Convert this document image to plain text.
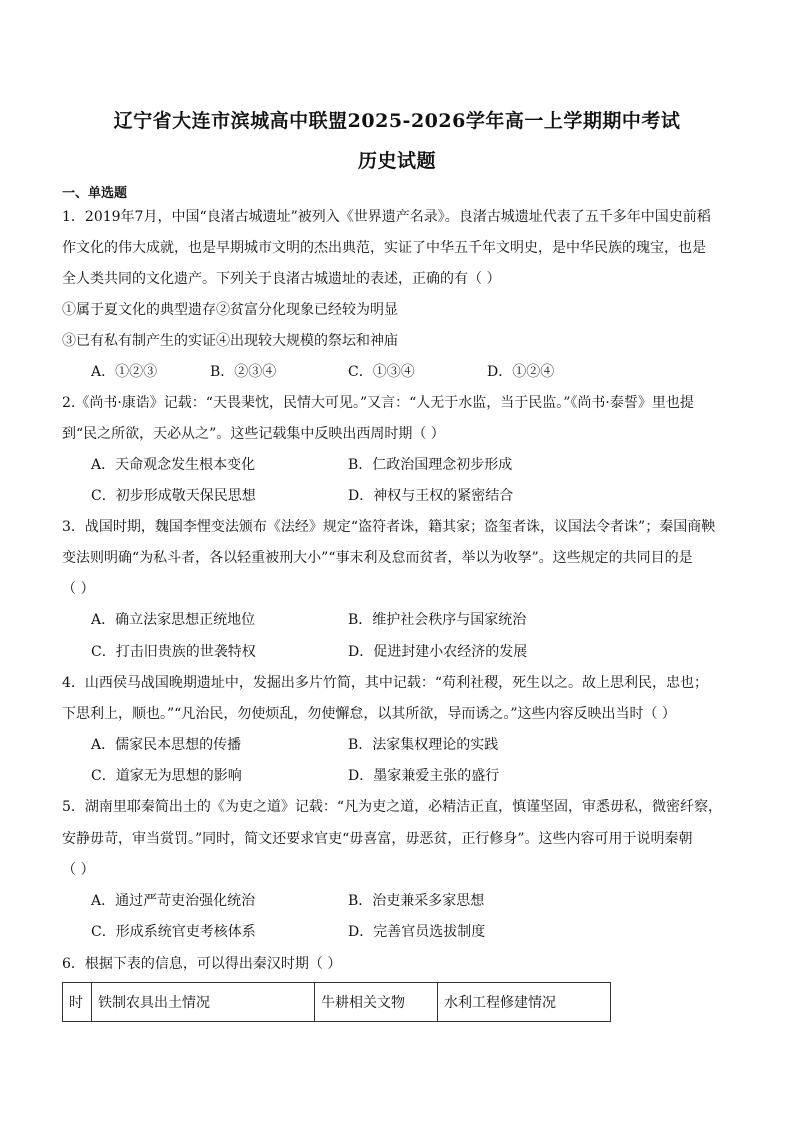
辽宁省大连市滨城高中联盟2025-2026学年高一上学期期中考试
历史试题
一、单选题
1．2019年7月，中国“良渚古城遗址”被列入《世界遗产名录》。良渚古城遗址代表了五千多年中国史前稻
作文化的伟大成就，也是早期城市文明的杰出典范，实证了中华五千年文明史，是中华民族的瑰宝，也是
全人类共同的文化遗产。下列关于良渚古城遗址的表述，正确的有（ ）
①属于夏文化的典型遗存②贫富分化现象已经较为明显
③已有私有制产生的实证④出现较大规模的祭坛和神庙
A．①②③	B．②③④	C．①③④	D．①②④
2.《尚书·康诰》记载：“天畏棐忱，民情大可见。”又言：“人无于水监，当于民监。”《尚书·泰誓》里也提
到“民之所欲，天必从之”。这些记载集中反映出西周时期（ ）
A．天命观念发生根本变化	B．仁政治国理念初步形成
C．初步形成敬天保民思想	D．神权与王权的紧密结合
3．战国时期，魏国李悝变法颁布《法经》规定“盗符者诛，籍其家；盗玺者诛，议国法令者诛”；秦国商鞅
变法则明确“为私斗者，各以轻重被刑大小”“事末利及怠而贫者，举以为收孥”。这些规定的共同目的是
（ ）
A．确立法家思想正统地位	B．维护社会秩序与国家统治
C．打击旧贵族的世袭特权	D．促进封建小农经济的发展
4．山西侯马战国晚期遗址中，发掘出多片竹简，其中记载：“苟利社稷，死生以之。故上思利民，忠也；
下思利上，顺也。”“凡治民，勿使烦乱，勿使懈怠，以其所欲，导而诱之。”这些内容反映出当时（ ）
A．儒家民本思想的传播	B．法家集权理论的实践
C．道家无为思想的影响	D．墨家兼爱主张的盛行
5．湖南里耶秦简出土的《为吏之道》记载：“凡为吏之道，必精洁正直，慎谨坚固，审悉毋私，微密纤察，
安静毋苛，审当赏罚。”同时，简文还要求官吏“毋喜富，毋恶贫，正行修身”。这些内容可用于说明秦朝
（ ）
A．通过严苛吏治强化统治	B．治吏兼采多家思想
C．形成系统官吏考核体系	D．完善官员选拔制度
6．根据下表的信息，可以得出秦汉时期（ ）
时	铁制农具出土情况	牛耕相关文物	水利工程修建情况
